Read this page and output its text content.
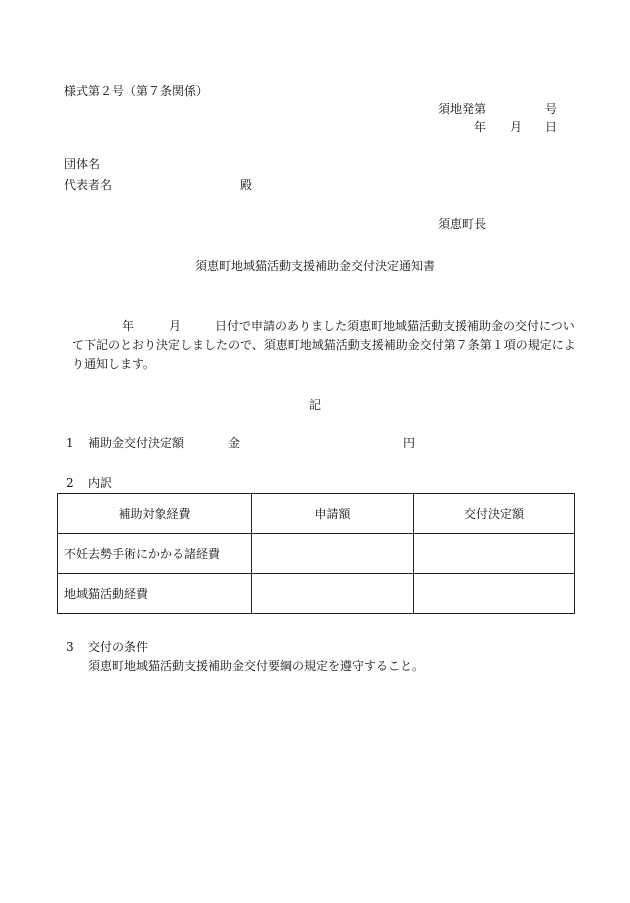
様式第２号（第７条関係）
須地発第	号
年 月 日
団体名
代表者名	殿
須恵町長
須恵町地域猫活動支援補助金交付決定通知書
年	月	日付で申請のありました須恵町地域猫活動支援補助金の交付につい
て下記のとおり決定しましたので、須恵町地域猫活動支援補助金交付第７条第１項の規定によ
り通知します。
記
1 補助金交付決定額	金	円
2 内訳
補助対象経費	申請額	交付決定額
不妊去勢手術にかかる諸経費		
地域猫活動経費		
3 交付の条件
須恵町地域猫活動支援補助金交付要綱の規定を遵守すること。
